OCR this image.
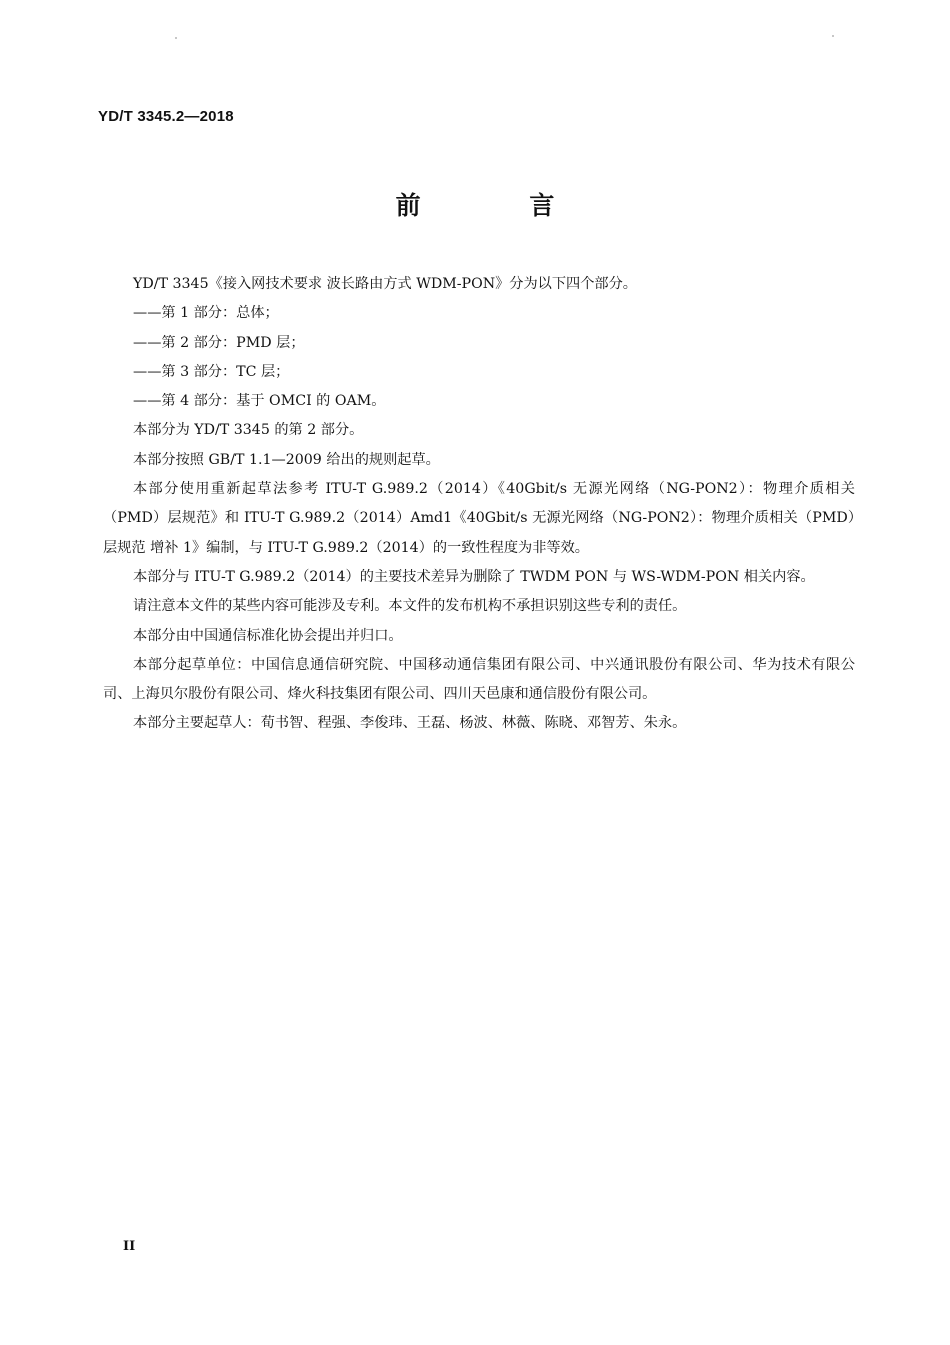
YD/T 3345.2—2018
前 言

YD/T 3345《接入网技术要求 波长路由方式 WDM-PON》分为以下四个部分。

——第 1 部分：总体；

——第 2 部分：PMD 层；

——第 3 部分：TC 层；

——第 4 部分：基于 OMCI 的 OAM。

本部分为 YD/T 3345 的第 2 部分。

本部分按照 GB/T 1.1—2009 给出的规则起草。

本部分使用重新起草法参考 ITU-T G.989.2（2014）《40Gbit/s 无源光网络（NG-PON2）：物理介质相关（PMD）层规范》和 ITU-T G.989.2（2014）Amd1《40Gbit/s 无源光网络（NG-PON2）：物理介质相关（PMD）层规范 增补 1》编制，与 ITU-T G.989.2（2014）的一致性程度为非等效。

本部分与 ITU-T G.989.2（2014）的主要技术差异为删除了 TWDM PON 与 WS-WDM-PON 相关内容。

请注意本文件的某些内容可能涉及专利。本文件的发布机构不承担识别这些专利的责任。

本部分由中国通信标准化协会提出并归口。

本部分起草单位：中国信息通信研究院、中国移动通信集团有限公司、中兴通讯股份有限公司、华为技术有限公司、上海贝尔股份有限公司、烽火科技集团有限公司、四川天邑康和通信股份有限公司。

本部分主要起草人：荀书智、程强、李俊玮、王磊、杨波、林薇、陈晓、邓智芳、朱永。

II
